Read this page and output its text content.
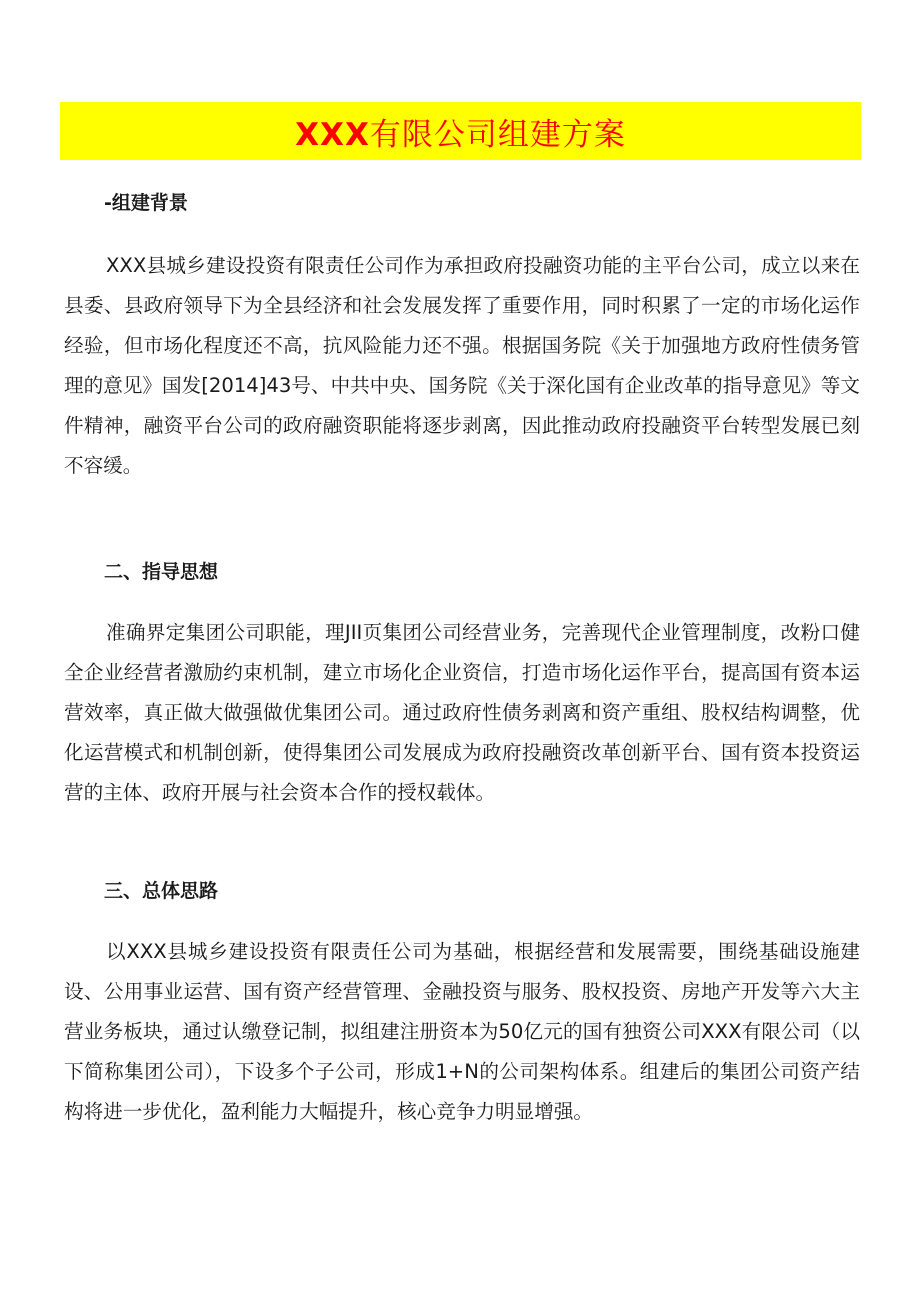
XXX有限公司组建方案
-组建背景

XXX县城乡建设投资有限责任公司作为承担政府投融资功能的主平台公司，成立以来在县委、县政府领导下为全县经济和社会发展发挥了重要作用，同时积累了一定的市场化运作经验，但市场化程度还不高，抗风险能力还不强。根据国务院《关于加强地方政府性债务管理的意见》国发[2014]43号、中共中央、国务院《关于深化国有企业改革的指导意见》等文件精神，融资平台公司的政府融资职能将逐步剥离，因此推动政府投融资平台转型发展已刻不容缓。

二、指导思想

准确界定集团公司职能，理JII页集团公司经营业务，完善现代企业管理制度，改粉口健全企业经营者激励约束机制，建立市场化企业资信，打造市场化运作平台，提高国有资本运营效率，真正做大做强做优集团公司。通过政府性债务剥离和资产重组、股权结构调整，优化运营模式和机制创新，使得集团公司发展成为政府投融资改革创新平台、国有资本投资运营的主体、政府开展与社会资本合作的授权载体。

三、总体思路

以XXX县城乡建设投资有限责任公司为基础，根据经营和发展需要，围绕基础设施建设、公用事业运营、国有资产经营管理、金融投资与服务、股权投资、房地产开发等六大主营业务板块，通过认缴登记制，拟组建注册资本为50亿元的国有独资公司XXX有限公司（以下简称集团公司），下设多个子公司，形成1+N的公司架构体系。组建后的集团公司资产结构将进一步优化，盈利能力大幅提升，核心竞争力明显增强。
